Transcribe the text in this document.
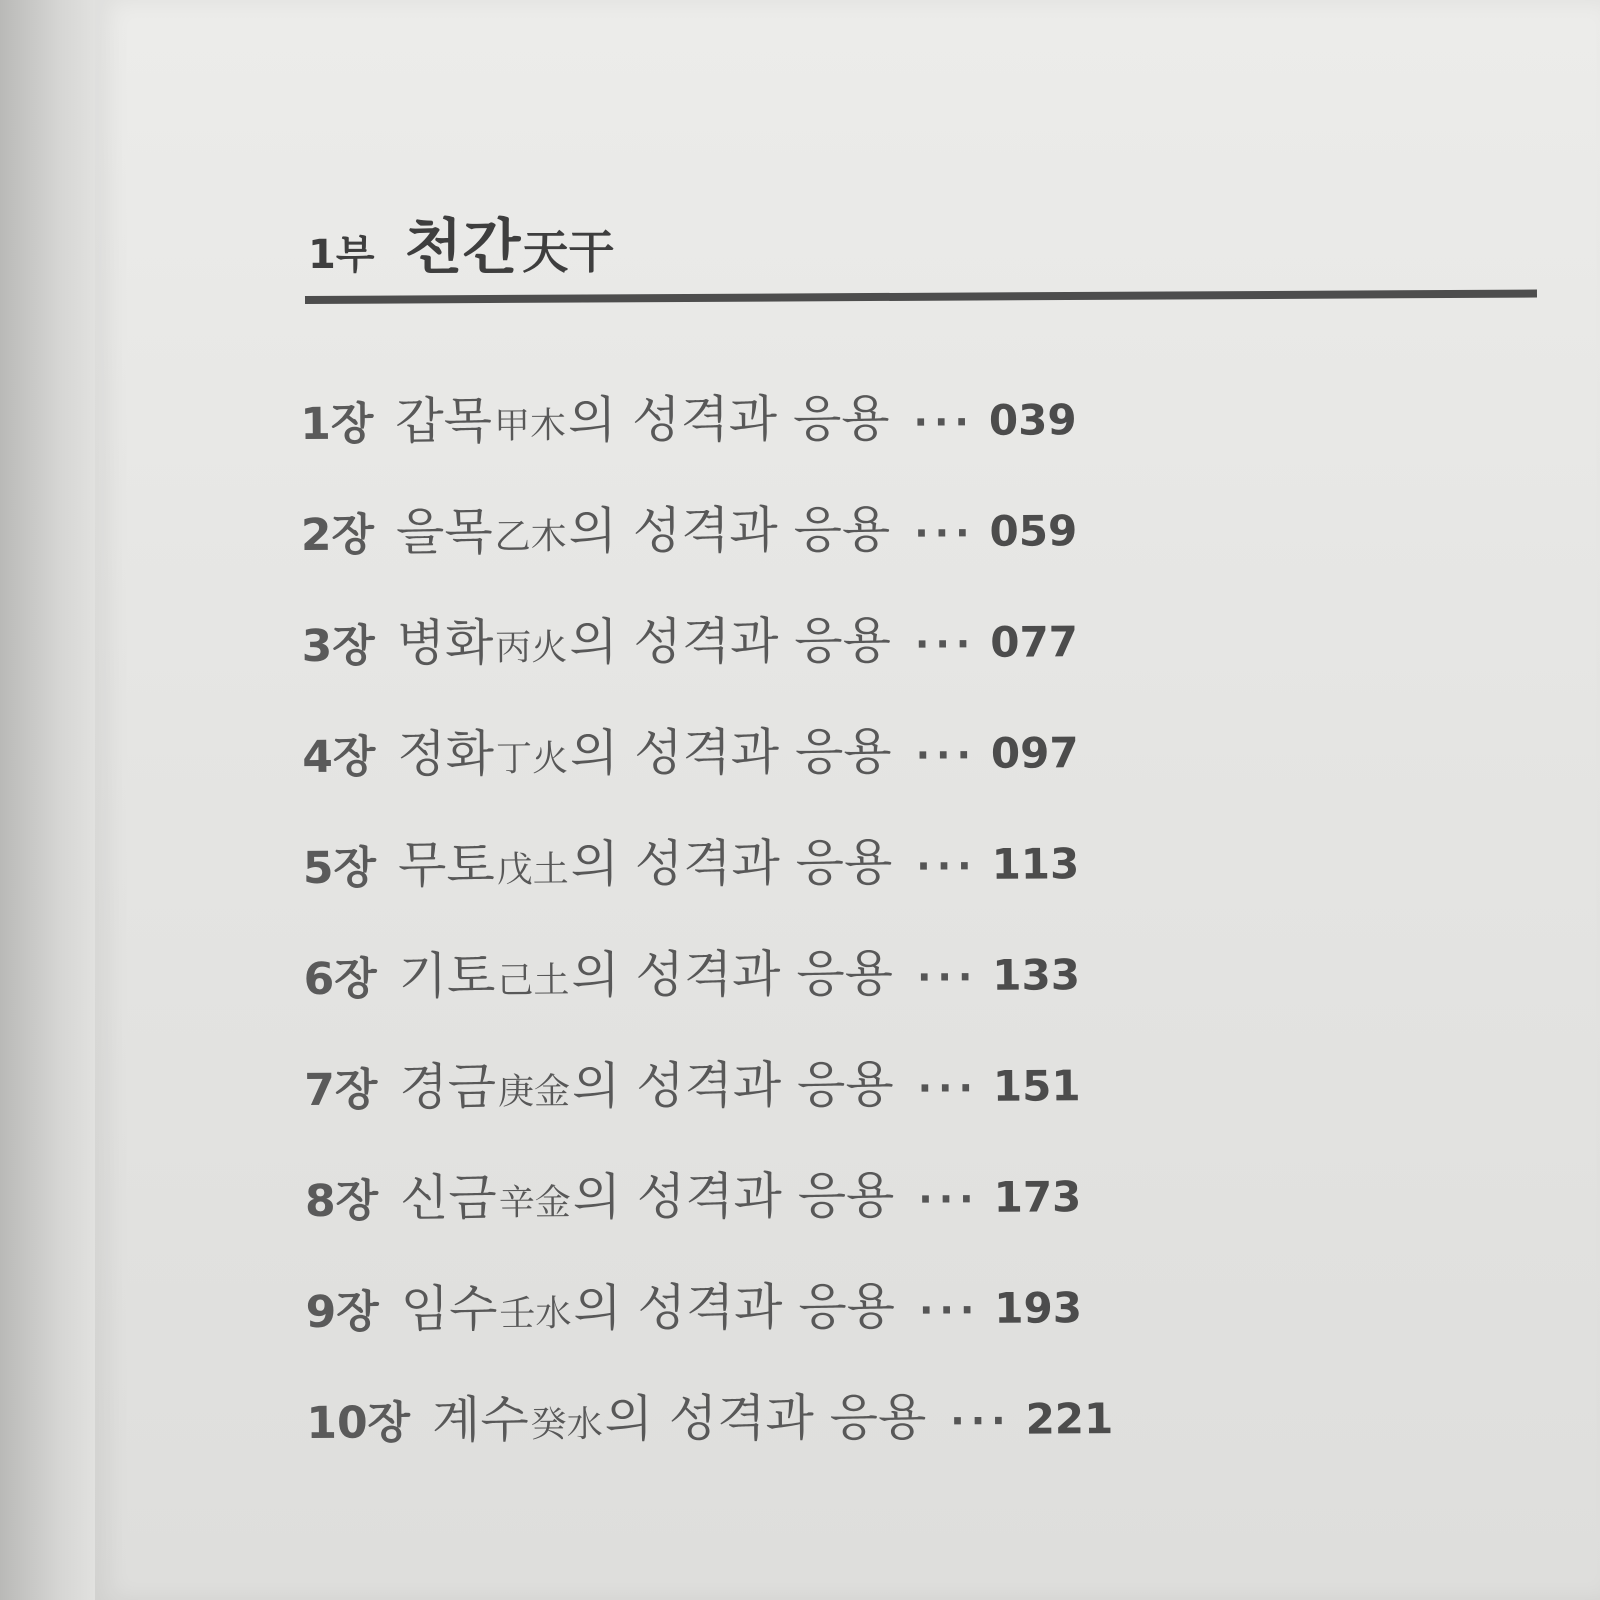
1부 천간天干
1장 갑목甲木의 성격과 응용 ··· 039
2장 을목乙木의 성격과 응용 ··· 059
3장 병화丙火의 성격과 응용 ··· 077
4장 정화丁火의 성격과 응용 ··· 097
5장 무토戊土의 성격과 응용 ··· 113
6장 기토己土의 성격과 응용 ··· 133
7장 경금庚金의 성격과 응용 ··· 151
8장 신금辛金의 성격과 응용 ··· 173
9장 임수壬水의 성격과 응용 ··· 193
10장 계수癸水의 성격과 응용 ··· 221
